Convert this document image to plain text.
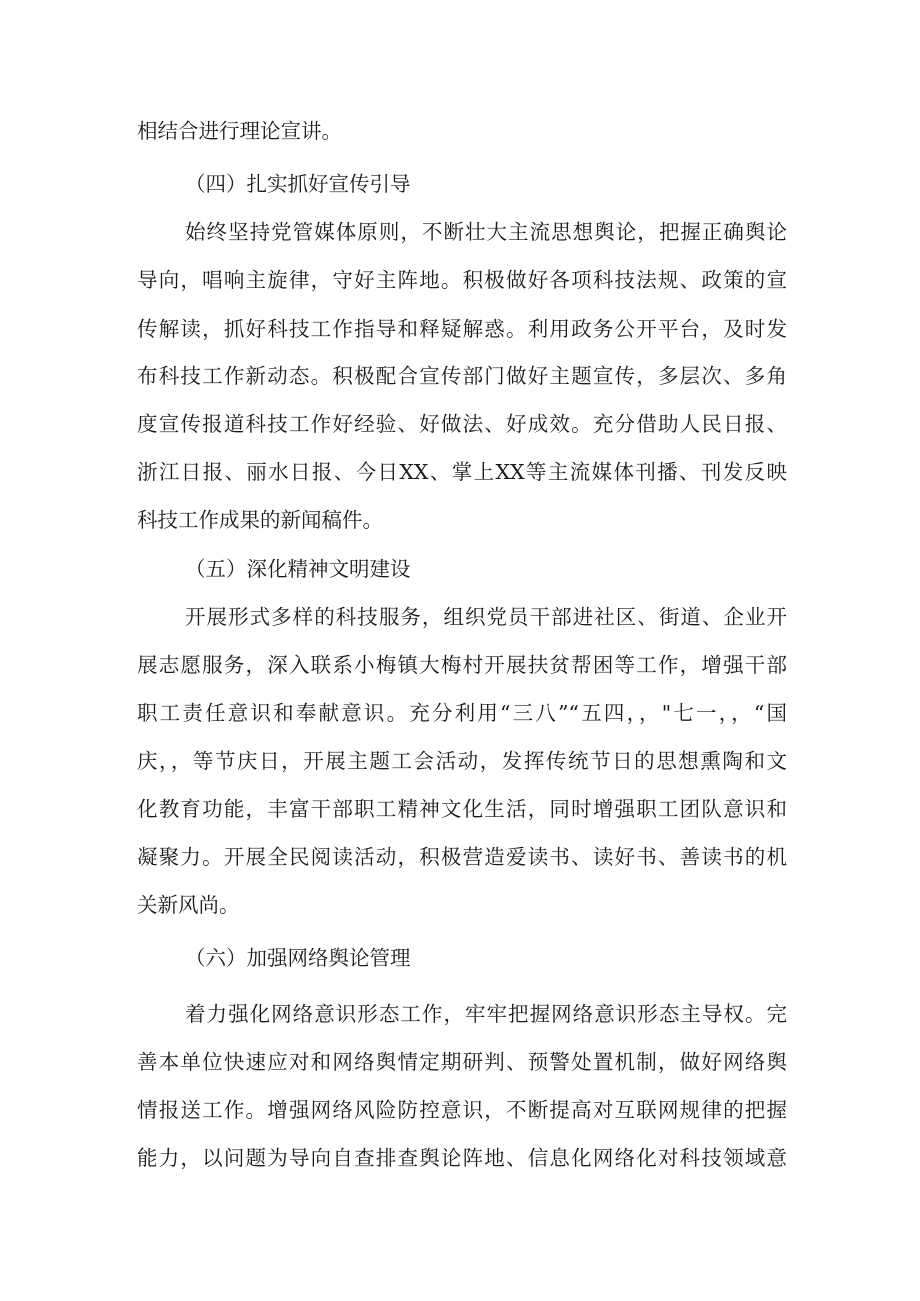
相结合进行理论宣讲。
（四）扎实抓好宣传引导
始终坚持党管媒体原则，不断壮大主流思想舆论，把握正确舆论
导向，唱响主旋律，守好主阵地。积极做好各项科技法规、政策的宣
传解读，抓好科技工作指导和释疑解惑。利用政务公开平台，及时发
布科技工作新动态。积极配合宣传部门做好主题宣传，多层次、多角
度宣传报道科技工作好经验、好做法、好成效。充分借助人民日报、
浙江日报、丽水日报、今日XX、掌上XX等主流媒体刊播、刊发反映
科技工作成果的新闻稿件。
（五）深化精神文明建设
开展形式多样的科技服务，组织党员干部进社区、街道、企业开
展志愿服务，深入联系小梅镇大梅村开展扶贫帮困等工作，增强干部
职工责任意识和奉献意识。充分利用“三八”“五四，，"七一，，“国
庆，，等节庆日，开展主题工会活动，发挥传统节日的思想熏陶和文
化教育功能，丰富干部职工精神文化生活，同时增强职工团队意识和
凝聚力。开展全民阅读活动，积极营造爱读书、读好书、善读书的机
关新风尚。
（六）加强网络舆论管理
着力强化网络意识形态工作，牢牢把握网络意识形态主导权。完
善本单位快速应对和网络舆情定期研判、预警处置机制，做好网络舆
情报送工作。增强网络风险防控意识，不断提高对互联网规律的把握
能力，以问题为导向自查排查舆论阵地、信息化网络化对科技领域意
